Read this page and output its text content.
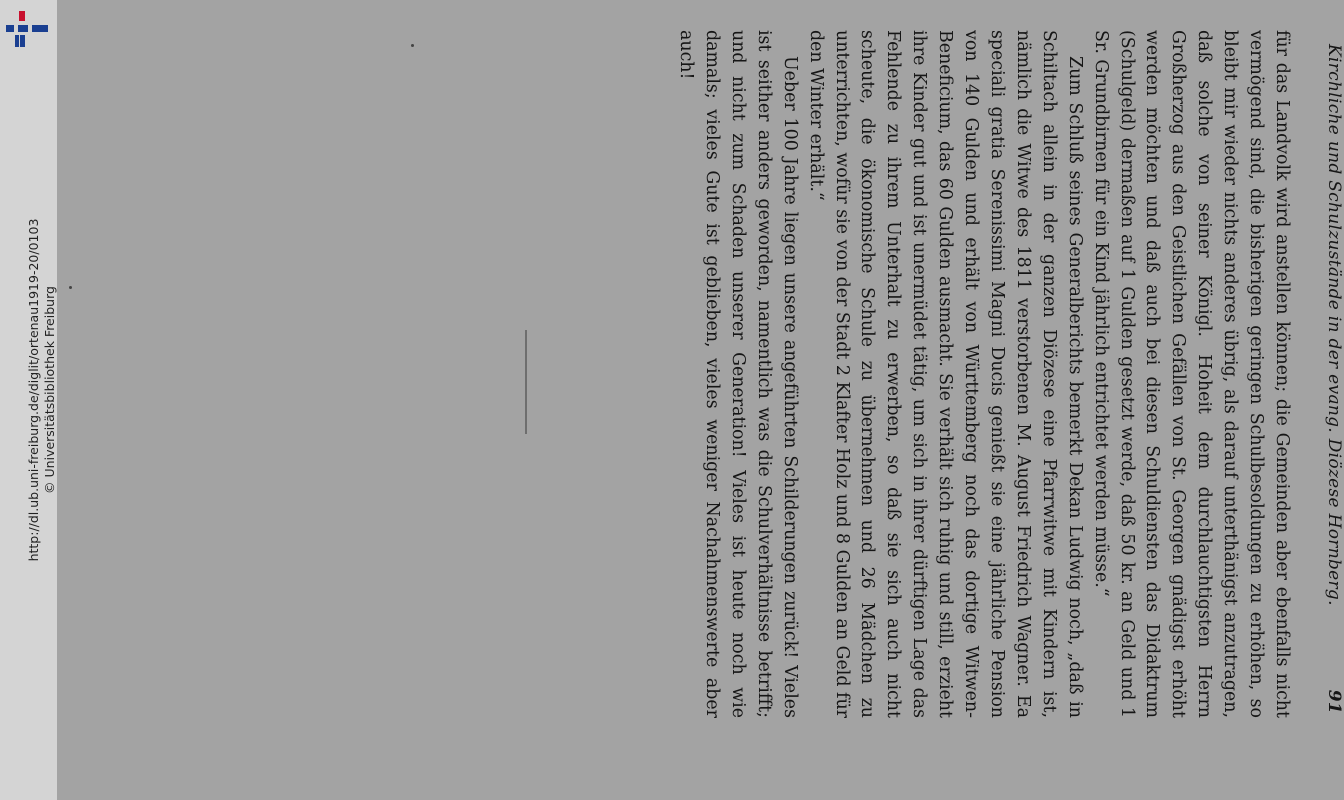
http://dl.ub.uni-freiburg.de/diglit/ortenau1919-20/0103 © Universitätsbibliothek Freiburg	Kirchliche und Schulzustände in der evang. Diözese Hornberg.
91

für das Landvolk wird anstellen können; die Gemeinden aber ebenfalls nicht vermögend sind, die bisherigen geringen Schulbesoldungen zu erhöhen, so bleibt mir wieder nichts anderes übrig, als darauf unterthänigst anzutragen, daß solche von seiner Königl. Hoheit dem durchlauchtigsten Herrn Großherzog aus den Geistlichen Gefällen von St. Georgen gnädigst erhöht werden möchten und daß auch bei diesen Schuldiensten das Didaktrum (Schulgeld) dermaßen auf 1 Gulden gesetzt werde, daß 50 kr. an Geld und 1 Sr. Grundbirnen für ein Kind jährlich entrichtet werden müsse.“

Zum Schluß seines Generalberichts bemerkt Dekan Ludwig noch, „daß in Schiltach allein in der ganzen Diözese eine Pfarrwitwe mit Kindern ist, nämlich die Witwe des 1811 verstorbenen M. August Friedrich Wagner. Ea speciali gratia Serenissimi Magni Ducis genießt sie eine jährliche Pension von 140 Gulden und erhält von Württemberg noch das dortige Witwen-Beneficium, das 60 Gulden ausmacht. Sie verhält sich ruhig und still, erzieht ihre Kinder gut und ist unermüdet tätig, um sich in ihrer dürftigen Lage das Fehlende zu ihrem Unterhalt zu erwerben, so daß sie sich auch nicht scheute, die ökonomische Schule zu übernehmen und 26 Mädchen zu unterrichten, wofür sie von der Stadt 2 Klafter Holz und 8 Gulden an Geld für den Winter erhält.“

Ueber 100 Jahre liegen unsere angeführten Schilderungen zurück! Vieles ist seither anders geworden, namentlich was die Schulverhältnisse betrifft; und nicht zum Schaden unserer Generation! Vieles ist heute noch wie damals; vieles Gute ist geblieben, vieles weniger Nachahmenswerte aber auch!
